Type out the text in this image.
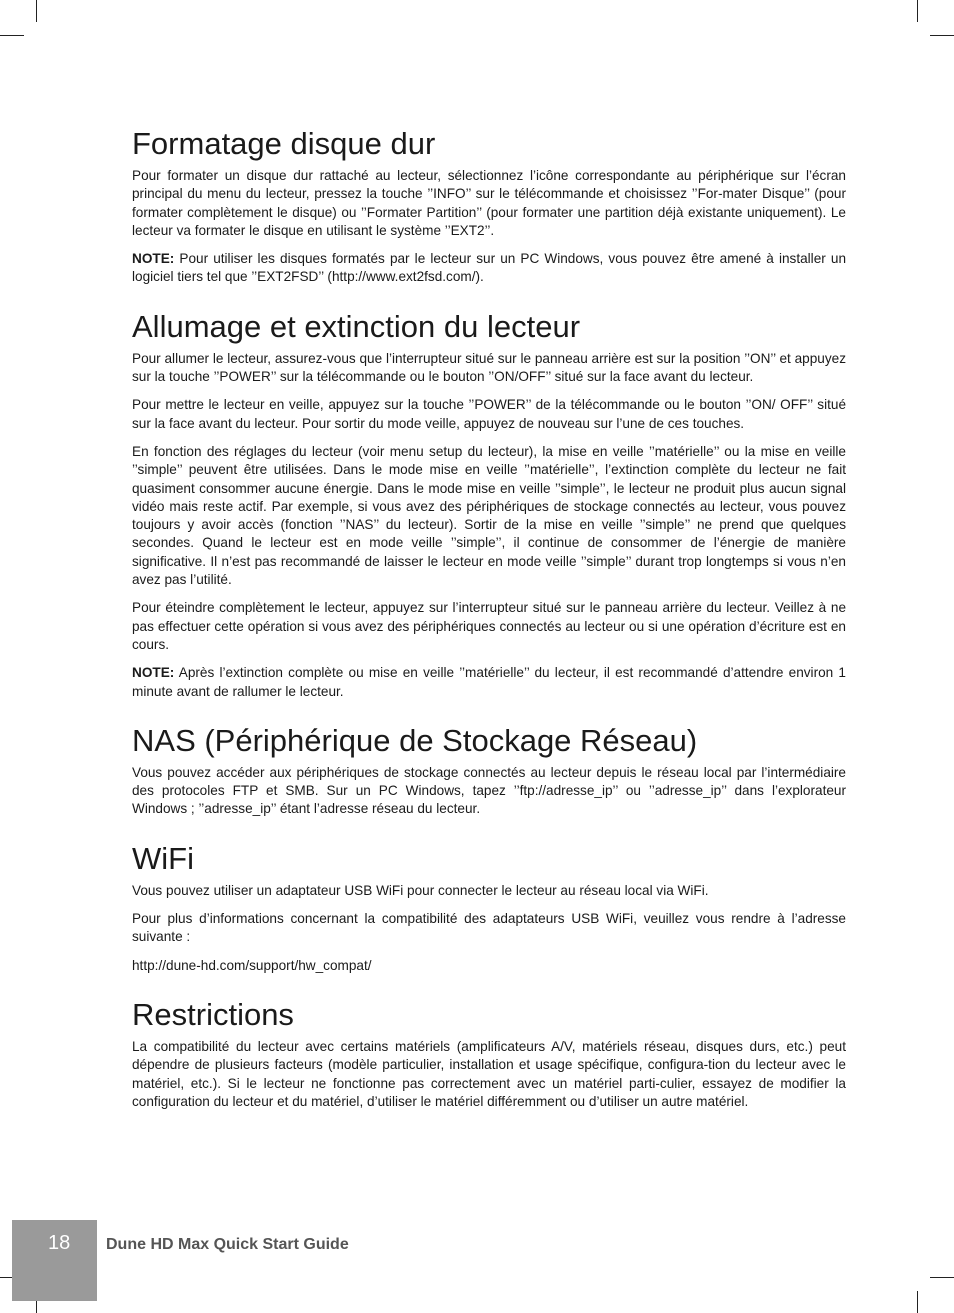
Formatage disque dur

Pour formater un disque dur rattaché au lecteur, sélectionnez l’icône correspondante au périphérique sur l’écran principal du menu du lecteur, pressez la touche ’’INFO’’ sur le télécommande et choisissez ’’For-mater Disque’’ (pour formater complètement le disque) ou ’’Formater Partition’’ (pour formater une partition déjà existante uniquement). Le lecteur va formater le disque en utilisant le système ’’EXT2’’.

NOTE: Pour utiliser les disques formatés par le lecteur sur un PC Windows, vous pouvez être amené à installer un logiciel tiers tel que ’’EXT2FSD’’ (http://www.ext2fsd.com/).

Allumage et extinction du lecteur

Pour allumer le lecteur, assurez-vous que l’interrupteur situé sur le panneau arrière est sur la position ’’ON’’ et appuyez sur la touche ’’POWER’’ sur la télécommande ou le bouton ’’ON/OFF’’ situé sur la face avant du lecteur.

Pour mettre le lecteur en veille, appuyez sur la touche ’’POWER’’ de la télécommande ou le bouton ’’ON/ OFF’’ situé sur la face avant du lecteur. Pour sortir du mode veille, appuyez de nouveau sur l’une de ces touches.

En fonction des réglages du lecteur (voir menu setup du lecteur), la mise en veille ’’matérielle’’ ou la mise en veille ’’simple’’ peuvent être utilisées. Dans le mode mise en veille ’’matérielle’’, l’extinction complète du lecteur ne fait quasiment consommer aucune énergie. Dans le mode mise en veille ’’simple’’, le lecteur ne produit plus aucun signal vidéo mais reste actif. Par exemple, si vous avez des périphériques de stockage connectés au lecteur, vous pouvez toujours y avoir accès (fonction ’’NAS’’ du lecteur). Sortir de la mise en veille ’’simple’’ ne prend que quelques secondes. Quand le lecteur est en mode veille ’’simple’’, il continue de consommer de l’énergie de manière significative. Il n’est pas recommandé de laisser le lecteur en mode veille ’’simple’’ durant trop longtemps si vous n’en avez pas l’utilité.

Pour éteindre complètement le lecteur, appuyez sur l’interrupteur situé sur le panneau arrière du lecteur. Veillez à ne pas effectuer cette opération si vous avez des périphériques connectés au lecteur ou si une opération d’écriture est en cours.

NOTE: Après l’extinction complète ou mise en veille ’’matérielle’’ du lecteur, il est recommandé d’attendre environ 1 minute avant de rallumer le lecteur.

NAS (Périphérique de Stockage Réseau)

Vous pouvez accéder aux périphériques de stockage connectés au lecteur depuis le réseau local par l’intermédiaire des protocoles FTP et SMB. Sur un PC Windows, tapez ’’ftp://adresse_ip’’ ou ’’adresse_ip’’ dans l’explorateur Windows ; ’’adresse_ip’’ étant l’adresse réseau du lecteur.

WiFi

Vous pouvez utiliser un adaptateur USB WiFi pour connecter le lecteur au réseau local via WiFi.

Pour plus d’informations concernant la compatibilité des adaptateurs USB WiFi, veuillez vous rendre à l’adresse suivante :

http://dune-hd.com/support/hw_compat/

Restrictions

La compatibilité du lecteur avec certains matériels (amplificateurs A/V, matériels réseau, disques durs, etc.) peut dépendre de plusieurs facteurs (modèle particulier, installation et usage spécifique, configura-tion du lecteur avec le matériel, etc.). Si le lecteur ne fonctionne pas correctement avec un matériel parti-culier, essayez de modifier la configuration du lecteur et du matériel, d’utiliser le matériel différemment ou d’utiliser un autre matériel.

18 Dune HD Max Quick Start Guide
